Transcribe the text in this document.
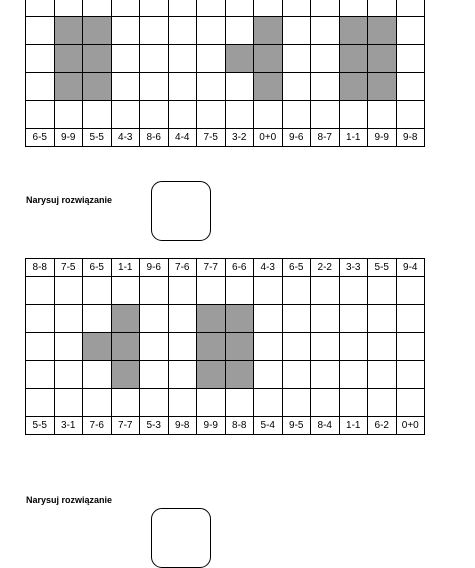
6-5	9-9	5-5	4-3	8-6	4-4	7-5	3-2	0+0	9-6	8-7	1-1	9-9	9-8
Narysuj rozwiązanie
8-8	7-5	6-5	1-1	9-6	7-6	7-7	6-6	4-3	6-5	2-2	3-3	5-5	9-4

5-5	3-1	7-6	7-7	5-3	9-8	9-9	8-8	5-4	9-5	8-4	1-1	6-2	0+0
Narysuj rozwiązanie
